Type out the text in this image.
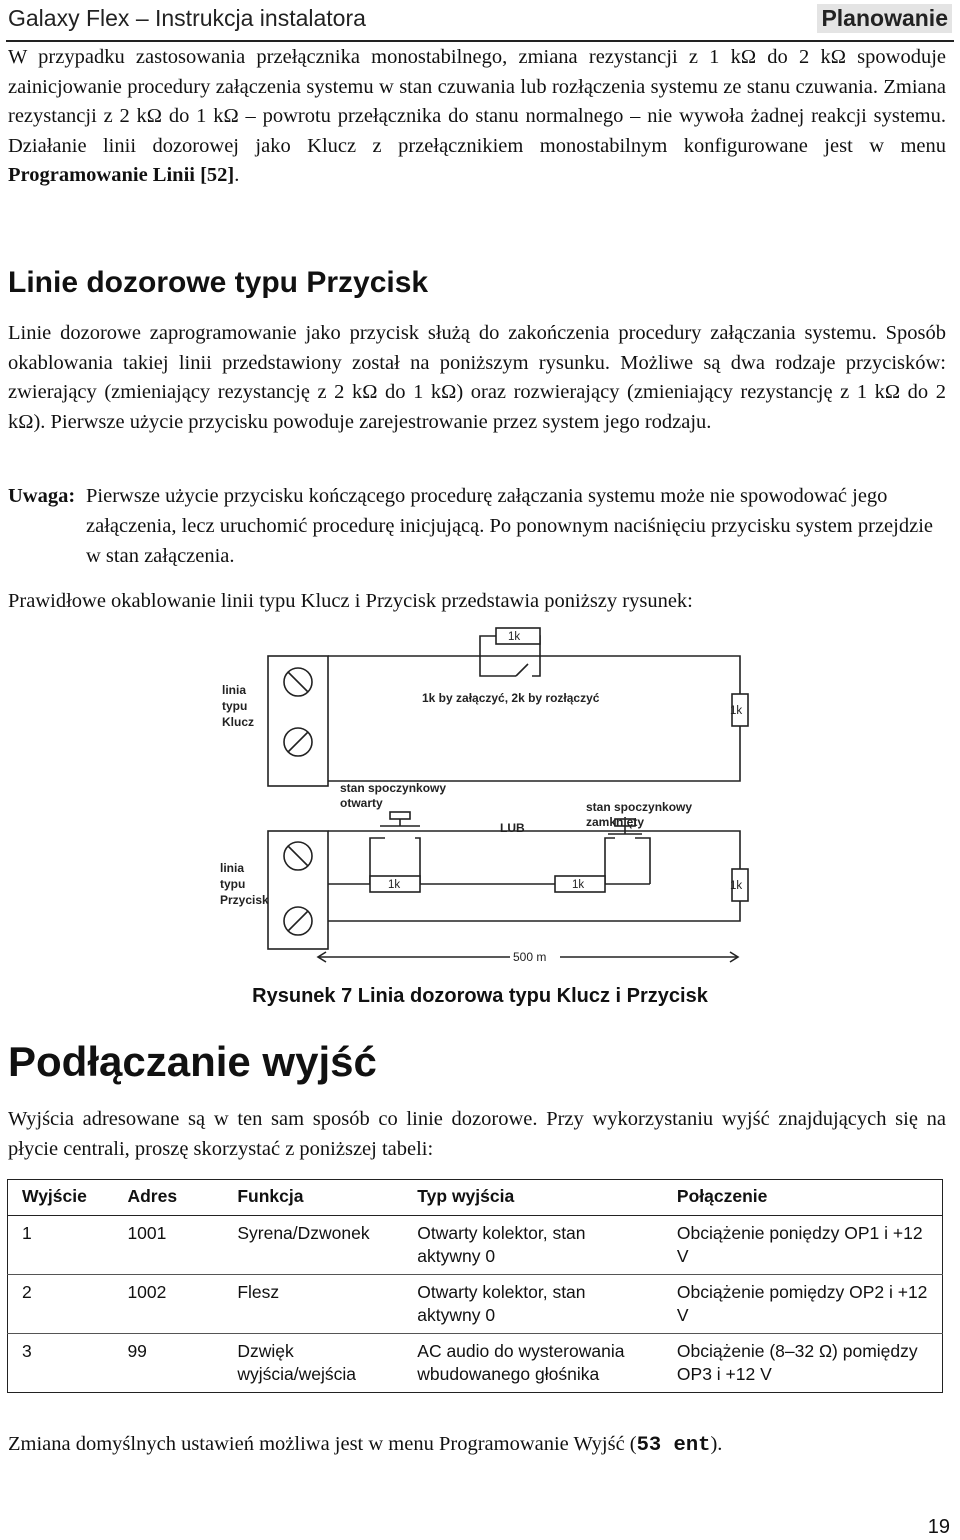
Galaxy Flex – Instrukcja instalatora	Planowanie

W przypadku zastosowania przełącznika monostabilnego, zmiana rezystancji z 1 kΩ do 2 kΩ spowoduje zainicjowanie procedury załączenia systemu w stan czuwania lub rozłączenia systemu ze stanu czuwania. Zmiana rezystancji z 2 kΩ do 1 kΩ – powrotu przełącznika do stanu normalnego – nie wywoła żadnej reakcji systemu. Działanie linii dozorowej jako Klucz z przełącznikiem monostabilnym konfigurowane jest w menu Programowanie Linii [52].

Linie dozorowe typu Przycisk

Linie dozorowe zaprogramowanie jako przycisk służą do zakończenia procedury załączania systemu. Sposób okablowania takiej linii przedstawiony został na poniższym rysunku. Możliwe są dwa rodzaje przycisków: zwierający (zmieniający rezystancję z 2 kΩ do 1 kΩ) oraz rozwierający (zmieniający rezystancję z 1 kΩ do 2 kΩ). Pierwsze użycie przycisku powoduje zarejestrowanie przez system jego rodzaju.

Uwaga: Pierwsze użycie przycisku kończącego procedurę załączania systemu może nie spowodować jego załączenia, lecz uruchomić procedurę inicjującą. Po ponownym naciśnięciu przycisku system przejdzie w stan załączenia.

Prawidłowe okablowanie linii typu Klucz i Przycisk przedstawia poniższy rysunek:

1k
1k
1k	1k	1k
linia typu Klucz
linia typu Przycisk
1k by załączyć, 2k by rozłączyć
stan spoczynkowy otwarty	stan spoczynkowy zamknięty
LUB
500 m
Rysunek 7 Linia dozorowa typu Klucz i Przycisk
Podłączanie wyjść

Wyjścia adresowane są w ten sam sposób co linie dozorowe. Przy wykorzystaniu wyjść znajdujących się na płycie centrali, proszę skorzystać z poniższej tabeli:

Wyjście	Adres	Funkcja	Typ wyjścia	Połączenie
1	1001	Syrena/Dzwonek	Otwarty kolektor, stan aktywny 0	Obciążenie poniędzy OP1 i +12 V
2	1002	Flesz	Otwarty kolektor, stan aktywny 0	Obciążenie pomiędzy OP2 i +12 V
3	99	Dzwięk wyjścia/wejścia	AC audio do wysterowania wbudowanego głośnika	Obciążenie (8–32 Ω) pomiędzy OP3 i +12 V

Zmiana domyślnych ustawień możliwa jest w menu Programowanie Wyjść (53 ent).

19
